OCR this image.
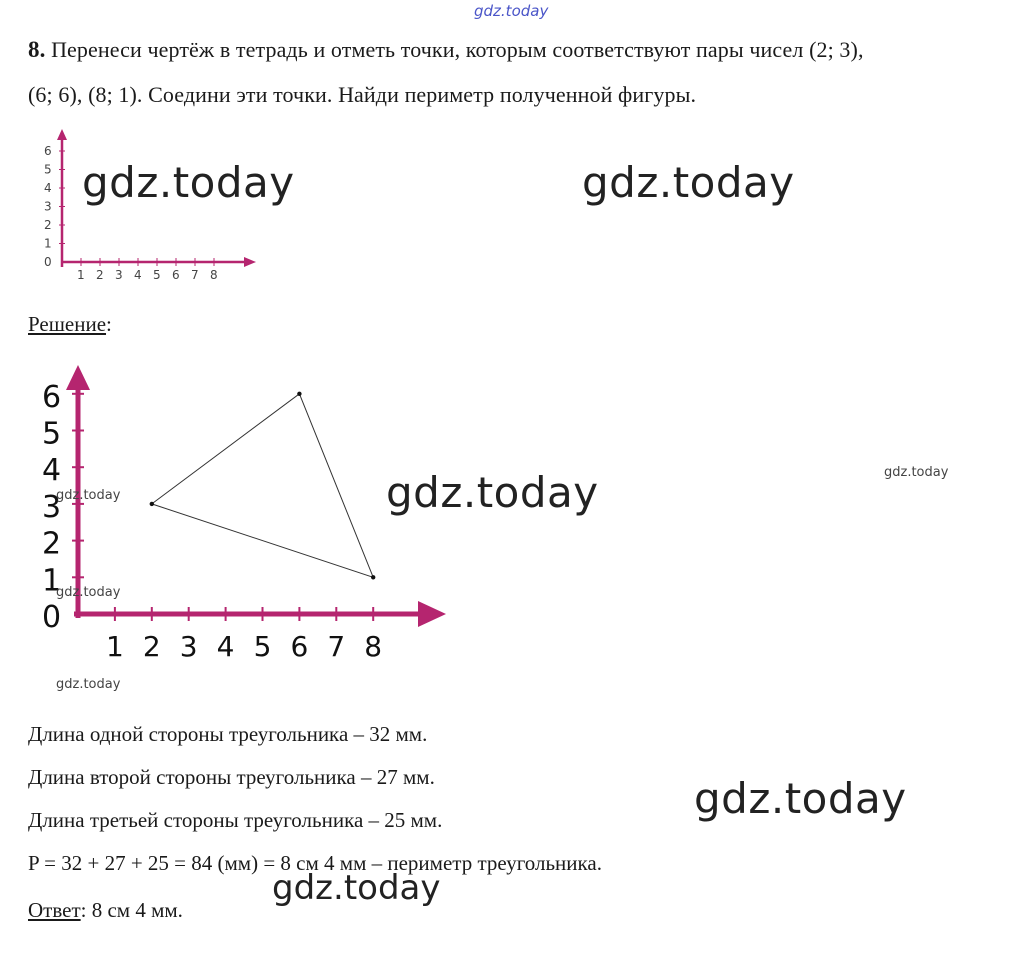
gdz.today
8. Перенеси чертёж в тетрадь и отметь точки, которым соответствуют пары чисел (2; 3),
(6; 6), (8; 1). Соедини эти точки. Найди периметр полученной фигуры.
6
5
4
3
2
1
0
1 2 3 4 5 6 7 8
gdz.today	gdz.today
Решение:
0
1
2
3
4
5
6
1 2 3 4 5 6 7 8
gdz.today	gdz.today
gdz.today
gdz.today
gdz.today
Длина одной стороны треугольника – 32 мм.
Длина второй стороны треугольника – 27 мм.
Длина третьей стороны треугольника – 25 мм.
P = 32 + 27 + 25 = 84 (мм) = 8 см 4 мм – периметр треугольника.
Ответ: 8 см 4 мм.
gdz.today
gdz.today
